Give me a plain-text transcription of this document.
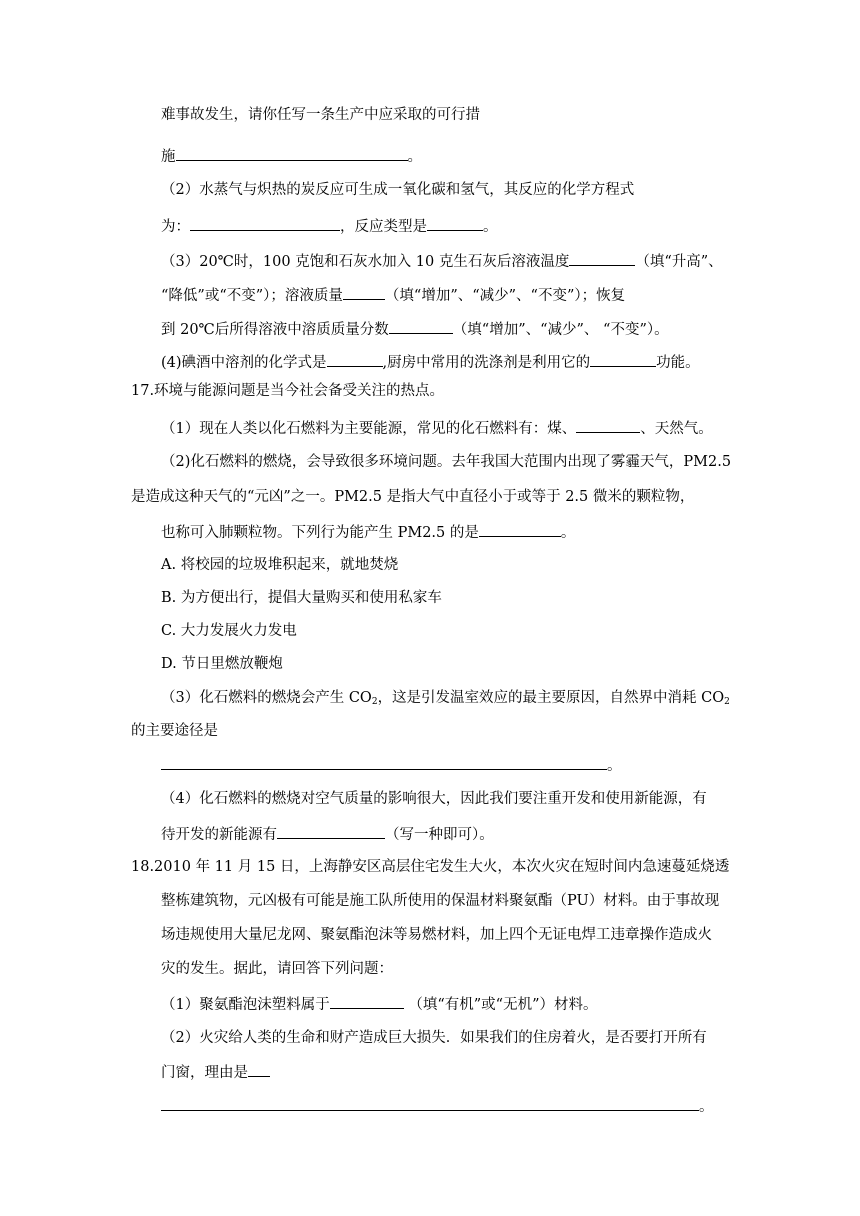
难事故发生，请你任写一条生产中应采取的可行措
施	。
（2）水蒸气与炽热的炭反应可生成一氧化碳和氢气，其反应的化学方程式
为：	，反应类型是	。
（3）20℃时，100 克饱和石灰水加入 10 克生石灰后溶液温度	（填“升高”、
“降低”或“不变”）；溶液质量	（填“增加”、“减少”、“不变”）；恢复
到 20℃后所得溶液中溶质质量分数	（填“增加”、“减少”、 “不变”）。
(4)碘酒中溶剂的化学式是	,厨房中常用的洗涤剂是利用它的	功能。
17.环境与能源问题是当今社会备受关注的热点。
（1）现在人类以化石燃料为主要能源，常见的化石燃料有：煤、	、天然气。
（2)化石燃料的燃烧，会导致很多环境问题。去年我国大范围内出现了雾霾天气，PM2.5
是造成这种天气的“元凶”之一。PM2.5 是指大气中直径小于或等于 2.5 微米的颗粒物，
也称可入肺颗粒物。下列行为能产生 PM2.5 的是	。
A. 将校园的垃圾堆积起来，就地焚烧
B. 为方便出行，提倡大量购买和使用私家车
C. 大力发展火力发电
D. 节日里燃放鞭炮
（3）化石燃料的燃烧会产生 $CO_2$，这是引发温室效应的最主要原因，自然界中消耗 $CO_2$
的主要途径是
。
（4）化石燃料的燃烧对空气质量的影响很大，因此我们要注重开发和使用新能源，有
待开发的新能源有	（写一种即可）。
18.2010 年 11 月 15 日，上海静安区高层住宅发生大火，本次火灾在短时间内急速蔓延烧透
整栋建筑物，元凶极有可能是施工队所使用的保温材料聚氨酯（PU）材料。由于事故现
场违规使用大量尼龙网、聚氨酯泡沫等易燃材料，加上四个无证电焊工违章操作造成火
灾的发生。据此，请回答下列问题：
（1）聚氨酯泡沫塑料属于	（填“有机”或“无机”）材料。
（2）火灾给人类的生命和财产造成巨大损失．如果我们的住房着火，是否要打开所有
门窗，理由是
。
